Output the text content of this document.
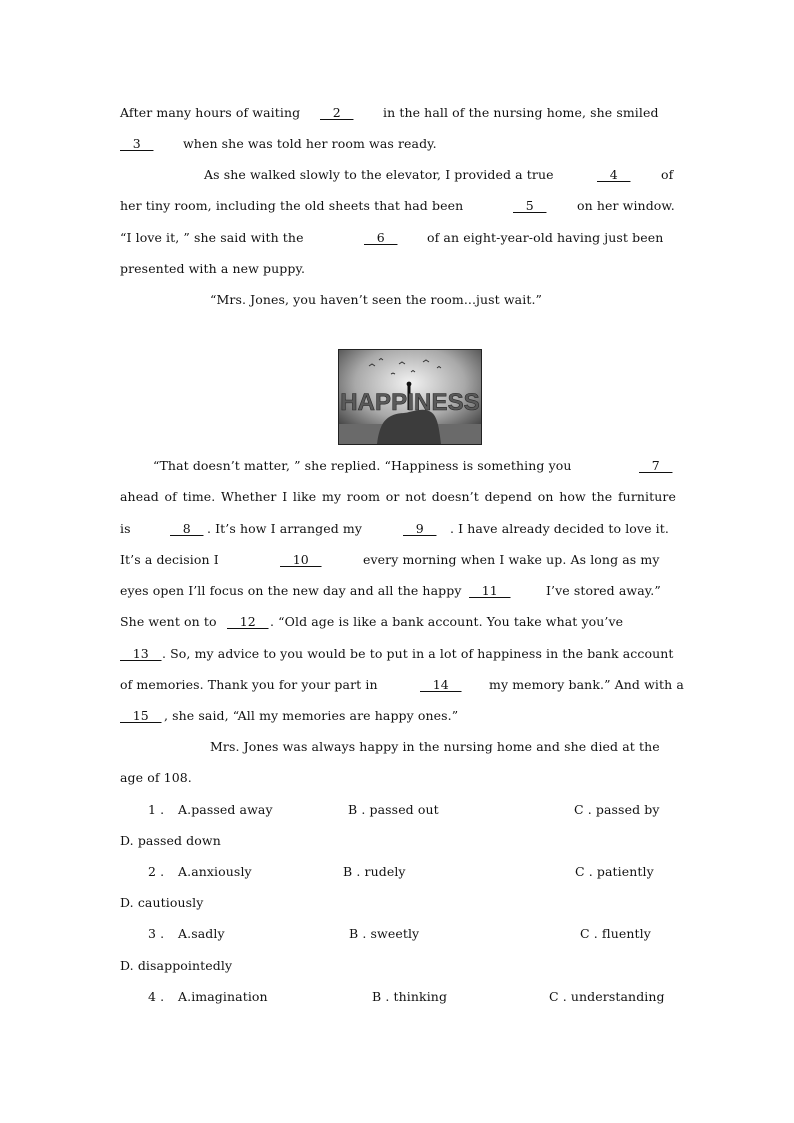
After many hours of waiting __2__ in the hall of the nursing home, she smiled
__3__ when she was told her room was ready.
As she walked slowly to the elevator, I provided a true	__4__ of
her tiny room, including the old sheets that had been	__5__ on her window.
“I love it, ” she said with the	__6__ of an eight-year-old having just been
presented with a new puppy.
“Mrs. Jones, you haven’t seen the room...just wait.”
HAPPINESS
“That doesn’t matter, ” she replied. “Happiness is something you	__7__
ahead of time. Whether I like my room or not doesn’t depend on how the furniture
is	__8__ . It’s how I arranged my	__9__ . I have already decided to love it.
It’s a decision I	__10__	every morning when I wake up. As long as my
eyes open I’ll focus on the new day and all the happy __11__	I’ve stored away.”
She went on to __12__ . “Old age is like a bank account. You take what you’ve
__13__ . So, my advice to you would be to put in a lot of happiness in the bank account
of memories. Thank you for your part in	__14__ my memory bank.” And with a
__15__ , she said, “All my memories are happy ones.”
Mrs. Jones was always happy in the nursing home and she died at the
age of 108.
1 . A.passed away	B . passed out	C . passed by
D. passed down
2 . A.anxiously	B . rudely	C . patiently
D. cautiously
3 . A.sadly	B . sweetly	C . fluently
D. disappointedly
4 . A.imagination	B . thinking	C . understanding
